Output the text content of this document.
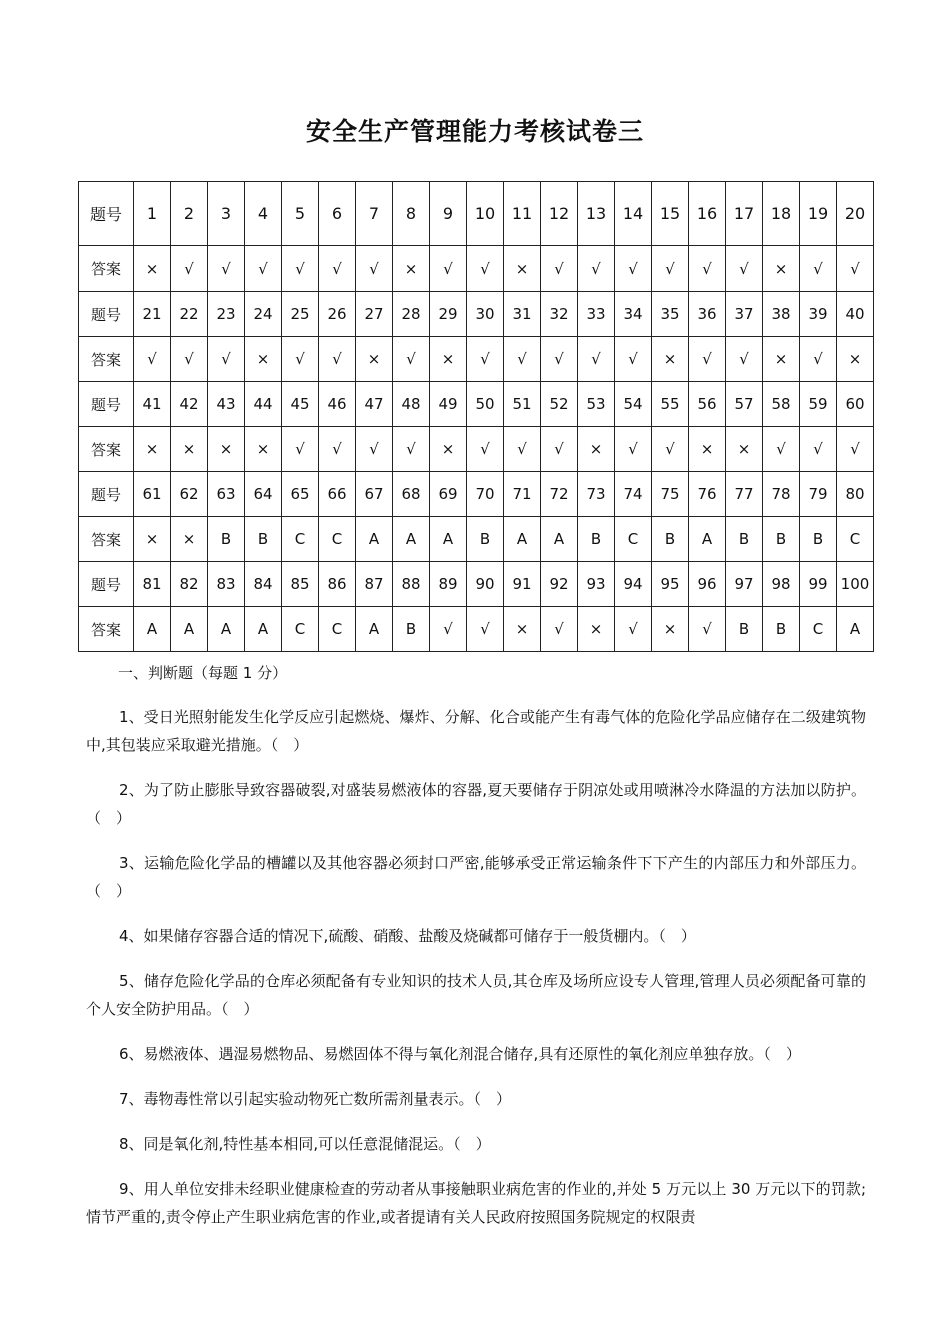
安全生产管理能力考核试卷三
题号	1	2	3	4	5	6	7	8	9	10	11	12	13	14	15	16	17	18	19	20
答案	×	√	√	√	√	√	√	×	√	√	×	√	√	√	√	√	√	×	√	√
题号	21	22	23	24	25	26	27	28	29	30	31	32	33	34	35	36	37	38	39	40
答案	√	√	√	×	√	√	×	√	×	√	√	√	√	√	×	√	√	×	√	×
题号	41	42	43	44	45	46	47	48	49	50	51	52	53	54	55	56	57	58	59	60
答案	×	×	×	×	√	√	√	√	×	√	√	√	×	√	√	×	×	√	√	√
题号	61	62	63	64	65	66	67	68	69	70	71	72	73	74	75	76	77	78	79	80
答案	×	×	B	B	C	C	A	A	A	B	A	A	B	C	B	A	B	B	B	C
题号	81	82	83	84	85	86	87	88	89	90	91	92	93	94	95	96	97	98	99	100
答案	A	A	A	A	C	C	A	B	√	√	×	√	×	√	×	√	B	B	C	A
一、判断题（每题 1 分）

1、受日光照射能发生化学反应引起燃烧、爆炸、分解、化合或能产生有毒气体的危险化学品应储存在二级建筑物中,其包装应采取避光措施。（　）

2、为了防止膨胀导致容器破裂,对盛装易燃液体的容器,夏天要储存于阴凉处或用喷淋冷水降温的方法加以防护。（　）

3、运输危险化学品的槽罐以及其他容器必须封口严密,能够承受正常运输条件下下产生的内部压力和外部压力。（　）

4、如果储存容器合适的情况下,硫酸、硝酸、盐酸及烧碱都可储存于一般货棚内。（　）

5、储存危险化学品的仓库必须配备有专业知识的技术人员,其仓库及场所应设专人管理,管理人员必须配备可靠的个人安全防护用品。（　）

6、易燃液体、遇湿易燃物品、易燃固体不得与氧化剂混合储存,具有还原性的氧化剂应单独存放。（　）

7、毒物毒性常以引起实验动物死亡数所需剂量表示。（　）

8、同是氧化剂,特性基本相同,可以任意混储混运。（　）

9、用人单位安排未经职业健康检查的劳动者从事接触职业病危害的作业的,并处 5 万元以上 30 万元以下的罚款;情节严重的,责令停止产生职业病危害的作业,或者提请有关人民政府按照国务院规定的权限责
